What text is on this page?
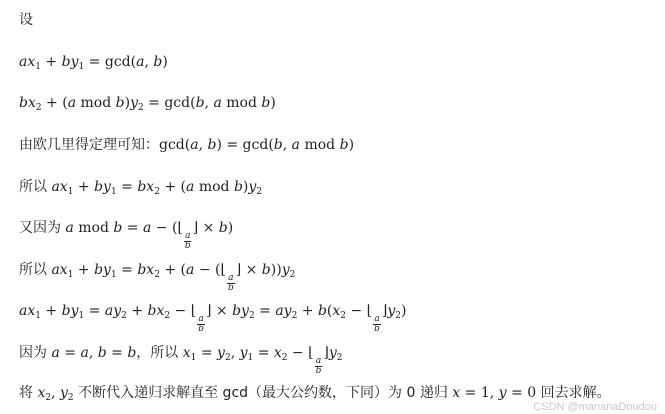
设
$ax_1 + by_1 = \gcd(a$, b)
$bx_2 + (a$ mod $b)y_2 = \gcd(b$, a mod b)
由欧几里得定理可知：gcd(a, b) = gcd(b, a mod b)
所以 $ax_1 + by_1 = bx_2 + (a$ mod $b)y_2$
又因为 a mod b = a − (⌊
$\frac{a}{b}$
⌋ × b)
所以 $ax_1 + by_1 = bx_2 + (a$ − (⌊
$\frac{a}{b}$
⌋ × $b))y_2$
$ax_1 + by_1 = ay_2 + bx_2$ − ⌊
$\frac{a}{b}$
⌋ × $by_2 = ay_2 + b(x_2$ − ⌊
$\frac{a}{b}$
$⌋y_2$)
因为 a = a, b = b，所以 $x_1 = y_2$, $y_1 = x_2$ − ⌊
$\frac{a}{b}$
$⌋y_2$
将 $x_2$, $y_2$ 不断代入递归求解直至 gcd（最大公约数，下同）为 0 递归 x = 1, y = 0 回去求解。
CSDN @mananaDoudou
